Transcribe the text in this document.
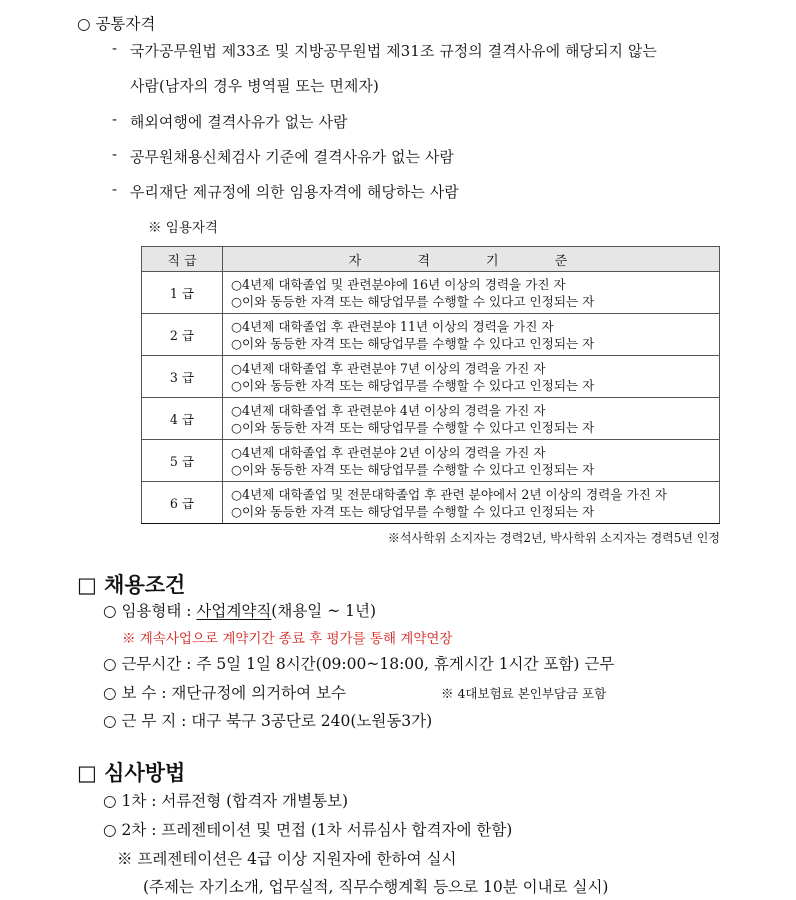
○ 공통자격
- 국가공무원법 제33조 및 지방공무원법 제31조 규정의 결격사유에 해당되지 않는
사람(남자의 경우 병역필 또는 면제자)
- 해외여행에 결격사유가 없는 사람
- 공무원채용신체검사 기준에 결격사유가 없는 사람
- 우리재단 제규정에 의한 임용자격에 해당하는 사람
※ 임용자격
직 급	자 격 기 준
1 급	○4년제 대학졸업 및 관련분야에 16년 이상의 경력을 가진 자
○이와 동등한 자격 또는 해당업무를 수행할 수 있다고 인정되는 자

2 급	○4년제 대학졸업 후 관련분야 11년 이상의 경력을 가진 자
○이와 동등한 자격 또는 해당업무를 수행할 수 있다고 인정되는 자

3 급	○4년제 대학졸업 후 관련분야 7년 이상의 경력을 가진 자
○이와 동등한 자격 또는 해당업무를 수행할 수 있다고 인정되는 자

4 급	○4년제 대학졸업 후 관련분야 4년 이상의 경력을 가진 자
○이와 동등한 자격 또는 해당업무를 수행할 수 있다고 인정되는 자

5 급	○4년제 대학졸업 후 관련분야 2년 이상의 경력을 가진 자
○이와 동등한 자격 또는 해당업무를 수행할 수 있다고 인정되는 자

6 급	○4년제 대학졸업 및 전문대학졸업 후 관련 분야에서 2년 이상의 경력을 가진 자
○이와 동등한 자격 또는 해당업무를 수행할 수 있다고 인정되는 자
※석사학위 소지자는 경력2년, 박사학위 소지자는 경력5년 인정
□ 채용조건
○ 임용형태 : 사업계약직(채용일 ~ 1년)
※ 계속사업으로 계약기간 종료 후 평가를 통해 계약연장
○ 근무시간 : 주 5일 1일 8시간(09:00~18:00, 휴게시간 1시간 포함) 근무
○ 보 수 : 재단규정에 의거하여 보수	※ 4대보험료 본인부담금 포함
○ 근 무 지 : 대구 북구 3공단로 240(노원동3가)
□ 심사방법
○ 1차 : 서류전형 (합격자 개별통보)
○ 2차 : 프레젠테이션 및 면접 (1차 서류심사 합격자에 한함)
※ 프레젠테이션은 4급 이상 지원자에 한하여 실시
(주제는 자기소개, 업무실적, 직무수행계획 등으로 10분 이내로 실시)
